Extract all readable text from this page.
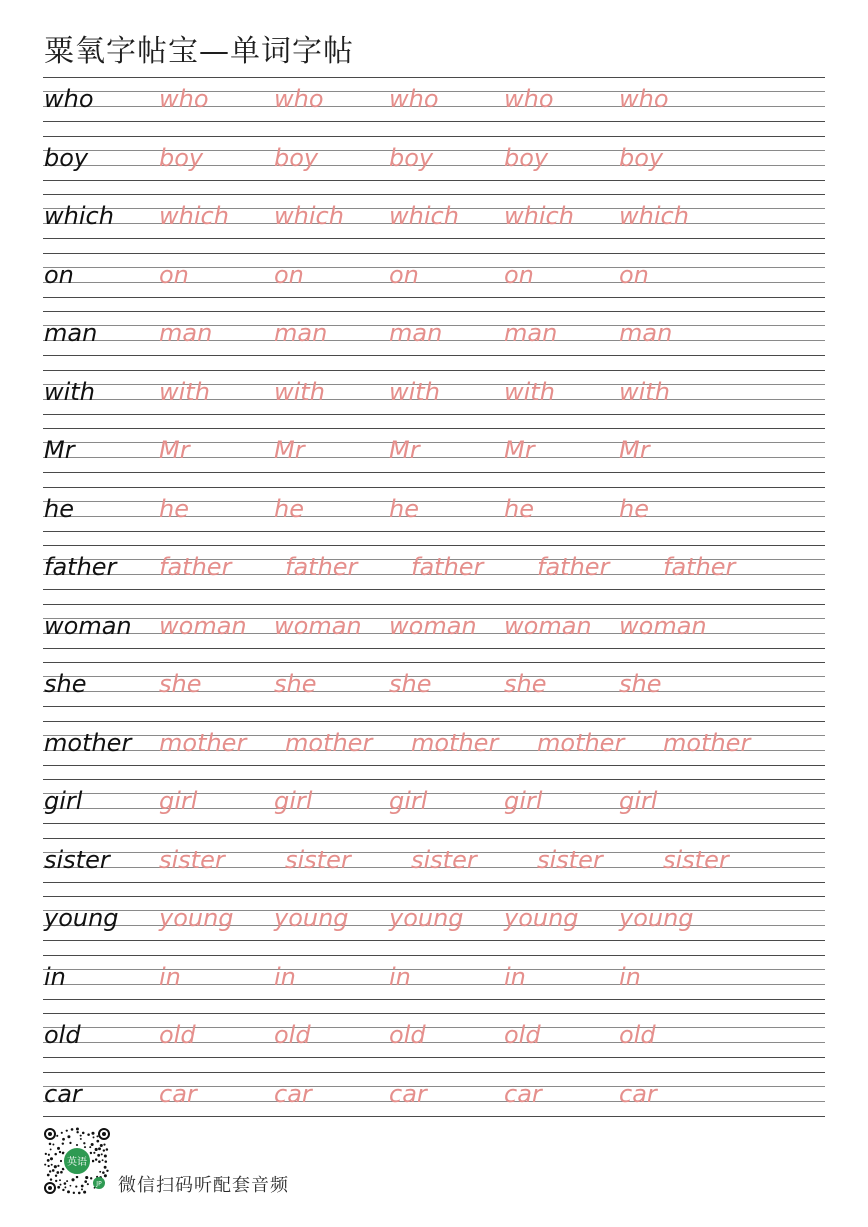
粟氧字帖宝—单词字帖
who	who	who	who	who	who
boy	boy	boy	boy	boy	boy
which which which which which which
on	on	on	on	on	on
man	man	man	man	man	man
with	with	with	with	with	with
Mr	Mr	Mr	Mr	Mr	Mr
he	he	he	he	he	he
father father father father father father
woman woman woman woman woman woman
she	she	she	she	she	she
mother mother mother mother mother mother
girl	girl	girl	girl	girl	girl
sister sister	sister	sister	sister	sister
young young young young young young
in	in	in	in	in	in
old	old	old	old	old	old
car	car	car	car	car	car
英语
JP 微信扫码听配套音频
